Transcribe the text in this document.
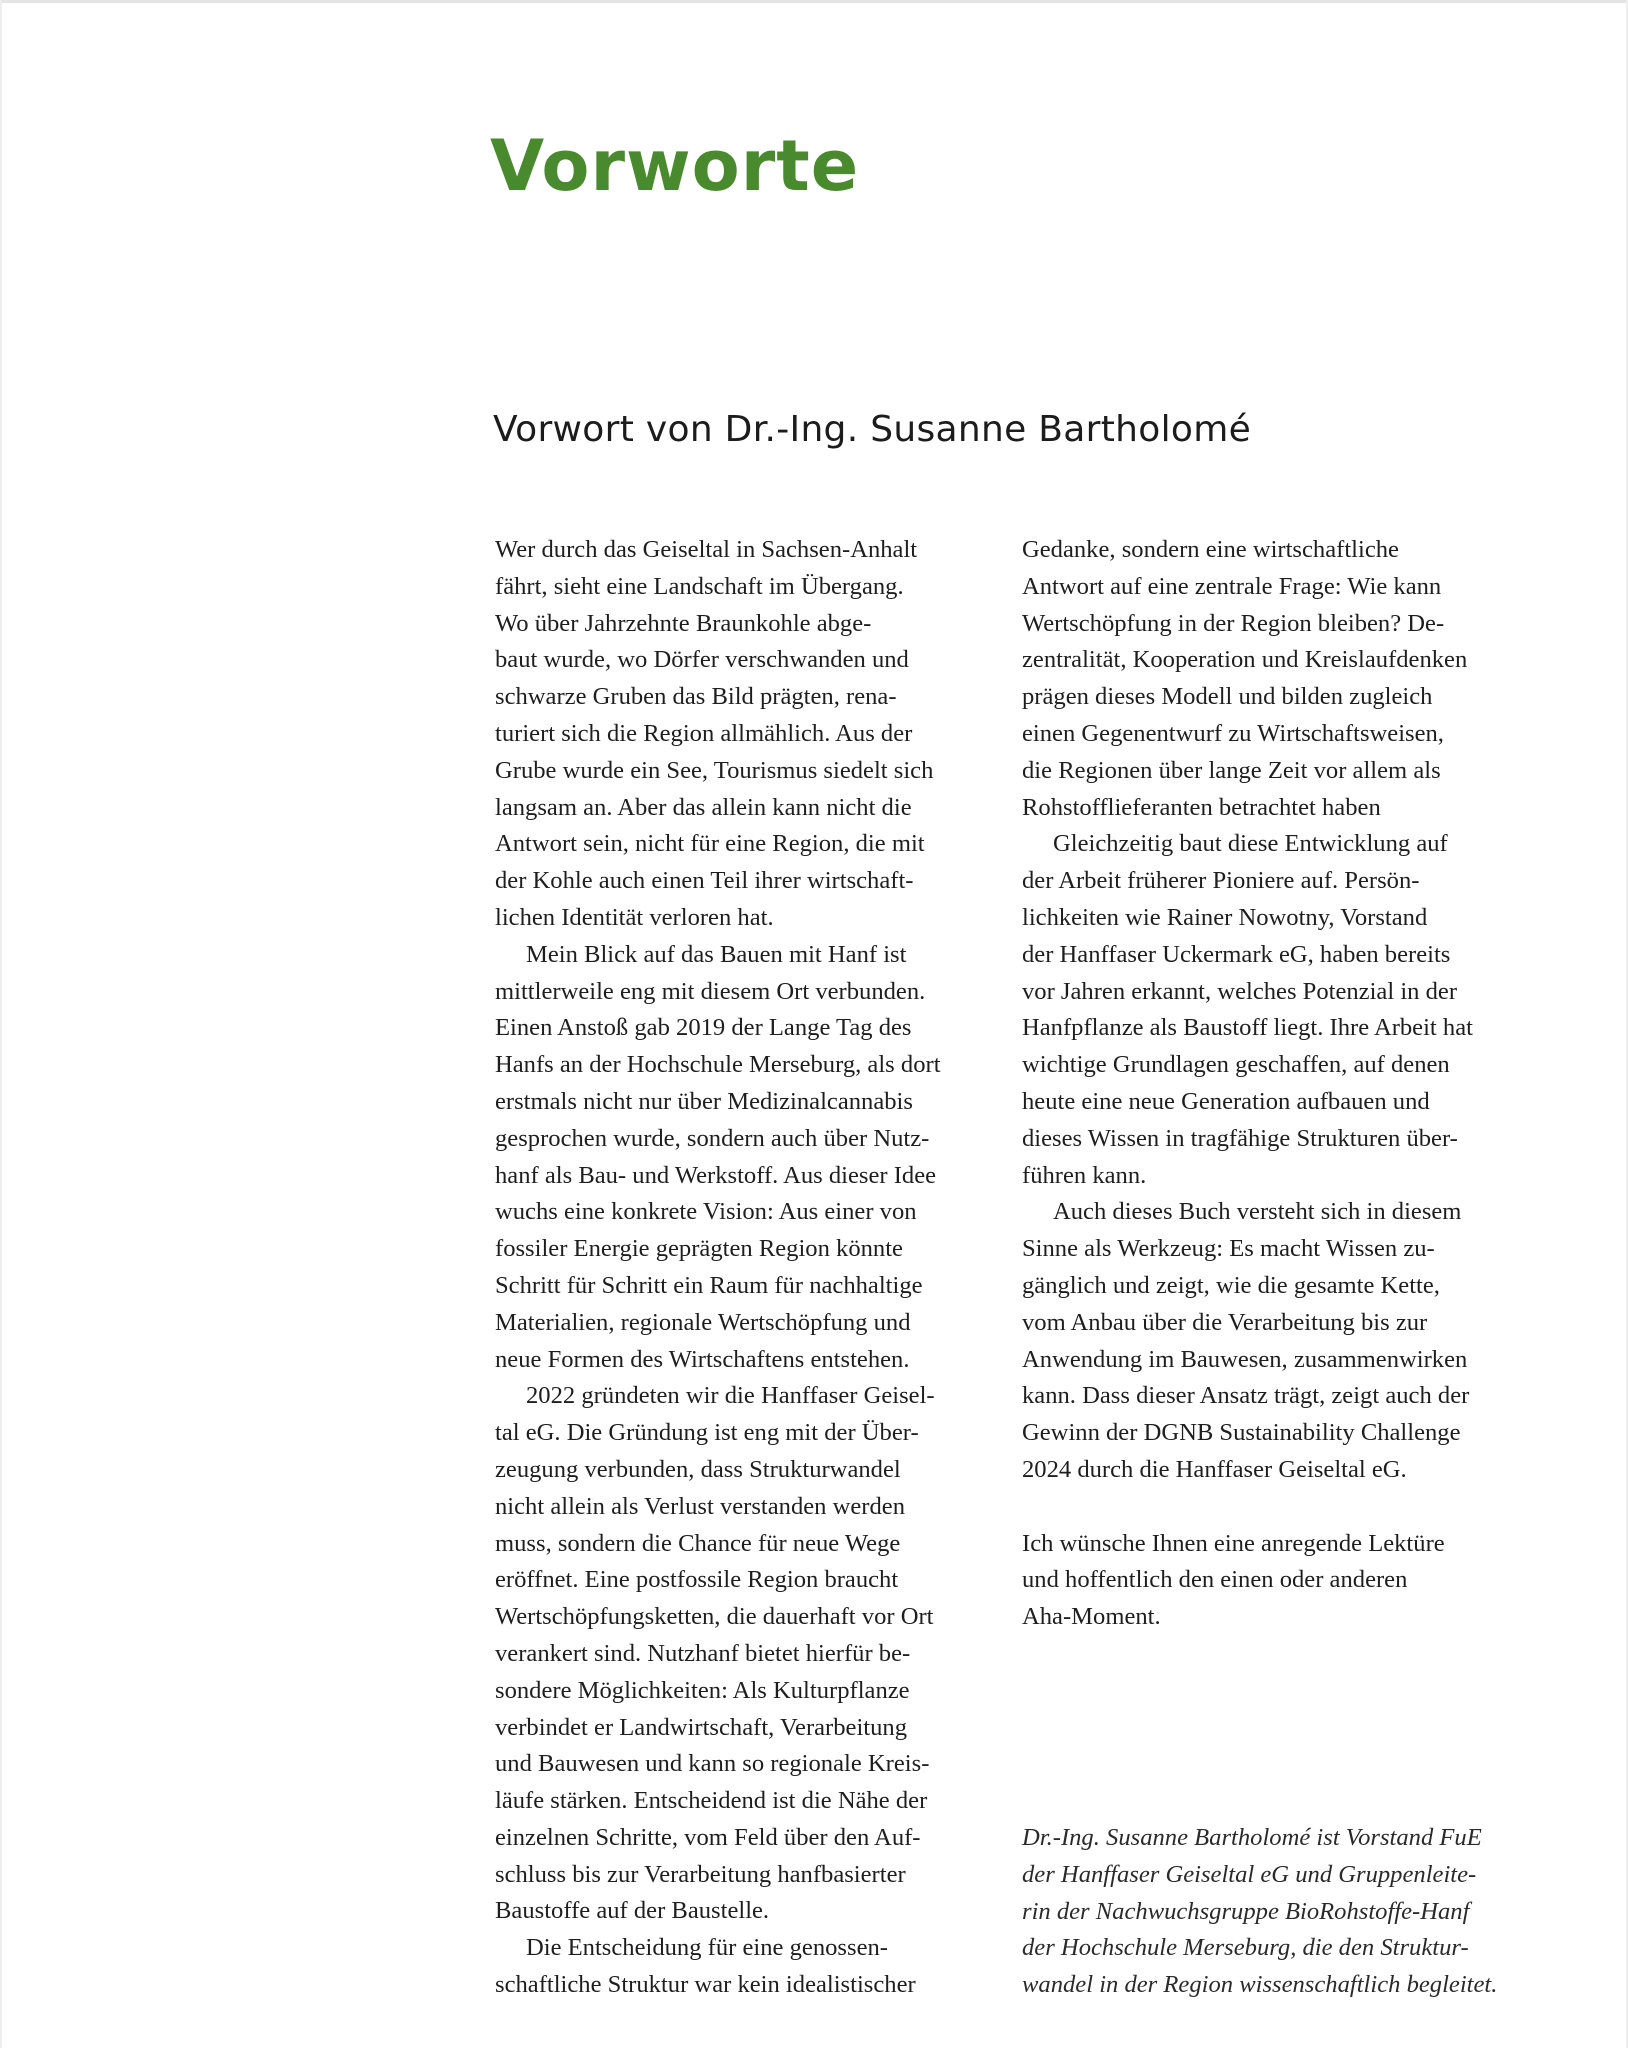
Vorworte
Vorwort von Dr.-Ing. Susanne Bartholomé
Wer durch das Geiseltal in Sachsen-Anhalt
fährt, sieht eine Landschaft im Übergang.
Wo über Jahrzehnte Braunkohle abge-
baut wurde, wo Dörfer verschwanden und
schwarze Gruben das Bild prägten, rena-
turiert sich die Region allmählich. Aus der
Grube wurde ein See, Tourismus siedelt sich
langsam an. Aber das allein kann nicht die
Antwort sein, nicht für eine Region, die mit
der Kohle auch einen Teil ihrer wirtschaft-
lichen Identität verloren hat.
Mein Blick auf das Bauen mit Hanf ist
mittlerweile eng mit diesem Ort verbunden.
Einen Anstoß gab 2019 der Lange Tag des
Hanfs an der Hochschule Merseburg, als dort
erstmals nicht nur über Medizinalcannabis
gesprochen wurde, sondern auch über Nutz-
hanf als Bau- und Werkstoff. Aus dieser Idee
wuchs eine konkrete Vision: Aus einer von
fossiler Energie geprägten Region könnte
Schritt für Schritt ein Raum für nachhaltige
Materialien, regionale Wertschöpfung und
neue Formen des Wirtschaftens entstehen.
2022 gründeten wir die Hanffaser Geisel-
tal eG. Die Gründung ist eng mit der Über-
zeugung verbunden, dass Strukturwandel
nicht allein als Verlust verstanden werden
muss, sondern die Chance für neue Wege
eröffnet. Eine postfossile Region braucht
Wertschöpfungsketten, die dauerhaft vor Ort
verankert sind. Nutzhanf bietet hierfür be-
sondere Möglichkeiten: Als Kulturpflanze
verbindet er Landwirtschaft, Verarbeitung
und Bauwesen und kann so regionale Kreis-
läufe stärken. Entscheidend ist die Nähe der
einzelnen Schritte, vom Feld über den Auf-
schluss bis zur Verarbeitung hanfbasierter
Baustoffe auf der Baustelle.
Die Entscheidung für eine genossen-
schaftliche Struktur war kein idealistischer
Gedanke, sondern eine wirtschaftliche
Antwort auf eine zentrale Frage: Wie kann
Wertschöpfung in der Region bleiben? De-
zentralität, Kooperation und Kreislaufdenken
prägen dieses Modell und bilden zugleich
einen Gegenentwurf zu Wirtschaftsweisen,
die Regionen über lange Zeit vor allem als
Rohstofflieferanten betrachtet haben
Gleichzeitig baut diese Entwicklung auf
der Arbeit früherer Pioniere auf. Persön-
lichkeiten wie Rainer Nowotny, Vorstand
der Hanffaser Uckermark eG, haben bereits
vor Jahren erkannt, welches Potenzial in der
Hanfpflanze als Baustoff liegt. Ihre Arbeit hat
wichtige Grundlagen geschaffen, auf denen
heute eine neue Generation aufbauen und
dieses Wissen in tragfähige Strukturen über-
führen kann.
Auch dieses Buch versteht sich in diesem
Sinne als Werkzeug: Es macht Wissen zu-
gänglich und zeigt, wie die gesamte Kette,
vom Anbau über die Verarbeitung bis zur
Anwendung im Bauwesen, zusammenwirken
kann. Dass dieser Ansatz trägt, zeigt auch der
Gewinn der DGNB Sustainability Challenge
2024 durch die Hanffaser Geiseltal eG.
Ich wünsche Ihnen eine anregende Lektüre
und hoffentlich den einen oder anderen
Aha-Moment.
Dr.-Ing. Susanne Bartholomé ist Vorstand FuE
der Hanffaser Geiseltal eG und Gruppenleite-
rin der Nachwuchsgruppe BioRohstoffe-Hanf
der Hochschule Merseburg, die den Struktur-
wandel in der Region wissenschaftlich begleitet.
